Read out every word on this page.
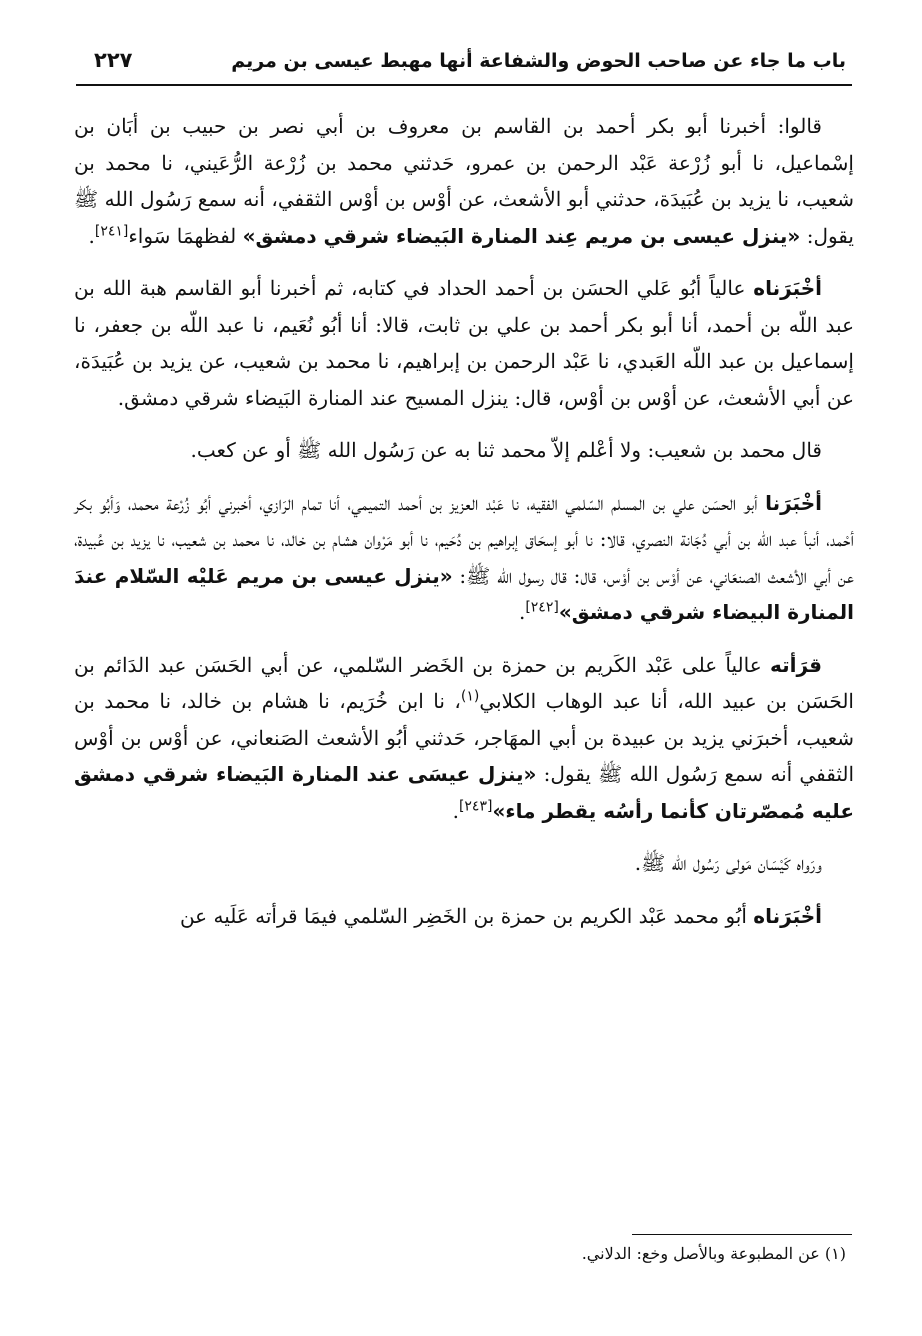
باب ما جاء عن صاحب الحوض والشفاعة أنها مهبط عيسى بن مريم
٢٢٧

قالوا: أخبرنا أبو بكر أحمد بن القاسم بن معروف بن أبي نصر بن حبيب بن أبَان بن إسْماعيل، نا أبو زُرْعة عَبْد الرحمن بن عمرو، حَدثني محمد بن زُرْعة الرُّعَيني، نا محمد بن شعيب، نا يزيد بن عُبَيدَة، حدثني أبو الأشعث، عن أوْس بن أوْس الثقفي، أنه سمع رَسُول الله ﷺ يقول: «ينزل عيسى بن مريم عِند المنارة البَيضاء شرقي دمشق» لفظهمَا سَواء[٢٤١].

أخْبَرَناه عالياً أبُو عَلي الحسَن بن أحمد الحداد في كتابه، ثم أخبرنا أبو القاسم هبة الله بن عبد اللّه بن أحمد، أنا أبو بكر أحمد بن علي بن ثابت، قالا: أنا أبُو نُعَيم، نا عبد اللّه بن جعفر، نا إسماعيل بن عبد اللّه العَبدي، نا عَبْد الرحمن بن إبراهيم، نا محمد بن شعيب، عن يزيد بن عُبَيدَة، عن أبي الأشعث، عن أوْس بن أوْس، قال: ينزل المسيح عند المنارة البَيضاء شرقي دمشق.

قال محمد بن شعيب: ولا أعْلم إلاّ محمد ثنا به عن رَسُول الله ﷺ أو عن كعب.

أخْبَرَنا أبو الحسَن علي بن المسلم السّلمي الفقيه، نا عَبْد العزيز بن أحمد التميمي، أنا تمام الرَازي، أخبرني أبُو زُرْعة محمد، وَأبُو بكر أحْمد، أنبأ عبد اللّه بن أبي دُجَانة النصري، قالا: نا أبو إسحَاق إبراهيم بن دُحَيم، نا أبو مَرْوان هشام بن خالد، نا محمد بن شعيب، نا يزيد بن عُبيدة، عن أبي الأشعث الصنعَاني، عن أوْس بن أوْس، قال: قال رسول الله ﷺ: «ينزل عيسى بن مريم عَليْه السّلام عندَ المنارة البيضاء شرقي دمشق»[٢٤٢].

قرَأته عالياً على عَبْد الكَريم بن حمزة بن الخَضر السّلمي، عن أبي الحَسَن عبد الدَائم بن الحَسَن بن عبيد الله، أنا عبد الوهاب الكلابي$^{(١)}$، نا ابن خُرَيم، نا هشام بن خالد، نا محمد بن شعيب، أخبرَني يزيد بن عبيدة بن أبي المهَاجر، حَدثني أبُو الأشعث الصَنعاني، عن أوْس بن أوْس الثقفي أنه سمع رَسُول الله ﷺ يقول: «ينزل عيسَى عند المنارة البَيضاء شرقي دمشق عليه مُمصّرتان كأنما رأسُه يقطر ماء»[٢٤٣].

ورَواه كَيْسَان مَولى رَسُول الله ﷺ.

أخْبَرَناه أبُو محمد عَبْد الكريم بن حمزة بن الخَضِر السّلمي فيمَا قرأته عَلَيه عن

(١) عن المطبوعة وبالأصل وخع: الدلاني.
